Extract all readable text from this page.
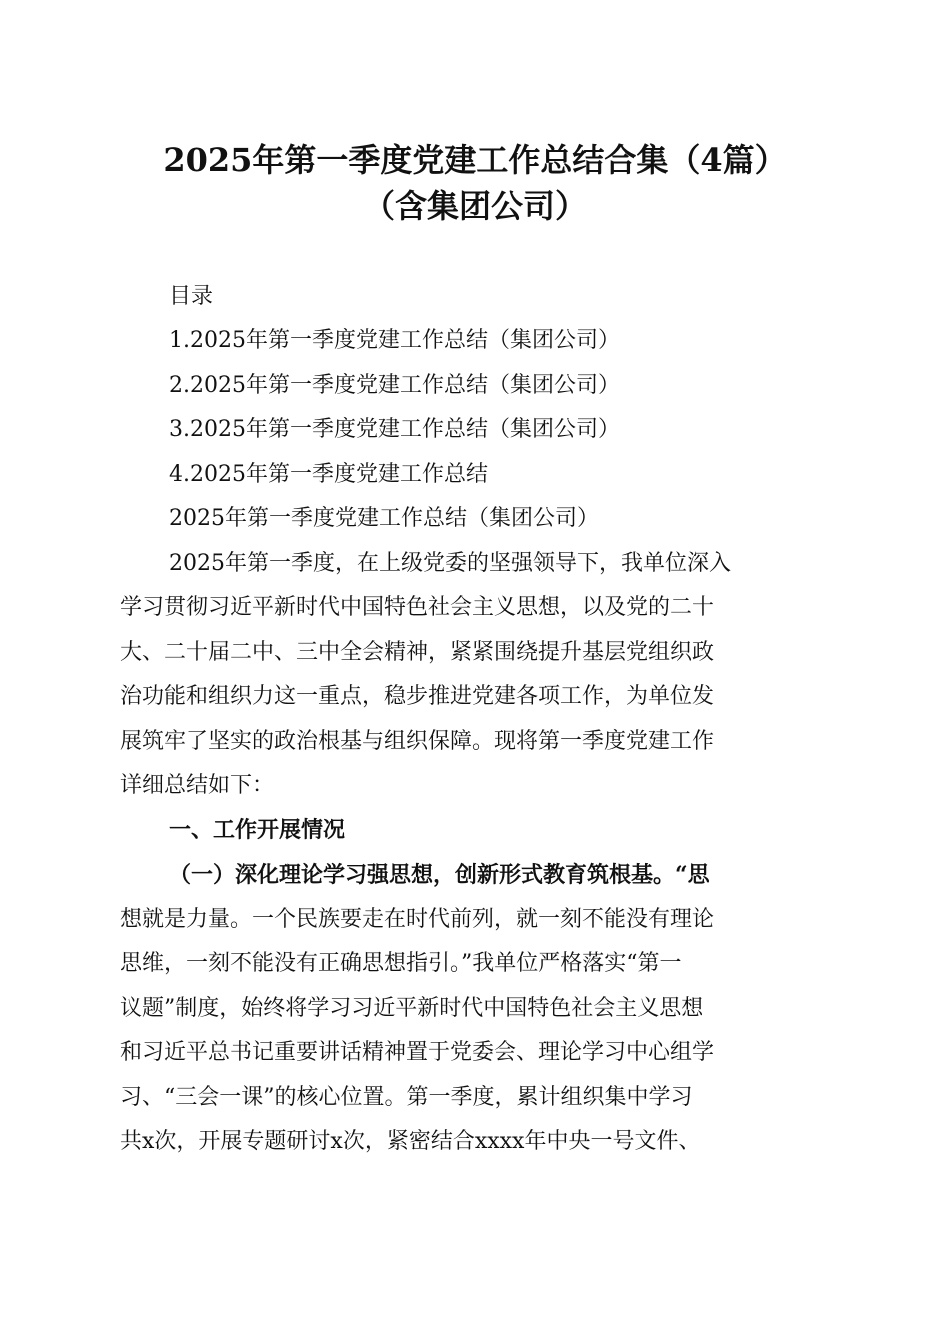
2025年第一季度党建工作总结合集（4篇）
（含集团公司）
目录
1.2025年第一季度党建工作总结（集团公司）
2.2025年第一季度党建工作总结（集团公司）
3.2025年第一季度党建工作总结（集团公司）
4.2025年第一季度党建工作总结
2025年第一季度党建工作总结（集团公司）
2025年第一季度，在上级党委的坚强领导下，我单位深入
学习贯彻习近平新时代中国特色社会主义思想，以及党的二十
大、二十届二中、三中全会精神，紧紧围绕提升基层党组织政
治功能和组织力这一重点，稳步推进党建各项工作，为单位发
展筑牢了坚实的政治根基与组织保障。现将第一季度党建工作
详细总结如下：
一、工作开展情况
（一）深化理论学习强思想，创新形式教育筑根基。“思
想就是力量。一个民族要走在时代前列，就一刻不能没有理论
思维，一刻不能没有正确思想指引。”我单位严格落实“第一
议题”制度，始终将学习习近平新时代中国特色社会主义思想
和习近平总书记重要讲话精神置于党委会、理论学习中心组学
习、“三会一课”的核心位置。第一季度，累计组织集中学习
共x次，开展专题研讨x次，紧密结合xxxx年中央一号文件、
